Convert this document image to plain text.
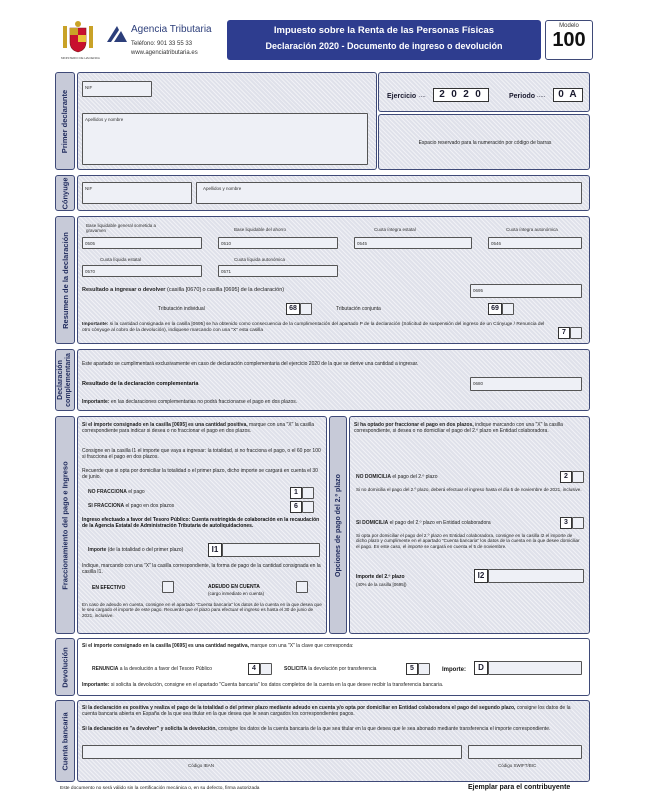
MINISTERIO DE HACIENDA
Agencia Tributaria
Teléfono: 901 33 55 33
www.agenciatributaria.es
Impuesto sobre la Renta de las Personas Físicas
Declaración 2020 - Documento de ingreso o devolución
Modelo
100
Primer declarante
NIF
Apellidos y nombre
Ejercicio ....	2 0 2 0	Periodo .....	0 A
Espacio reservado para la numeración por código de barras
Cónyuge	NIF	Apellidos y nombre
Resumen de la declaración
Base liquidable general sometida a gravamen
0505
Base liquidable del ahorro
0510
Cuota íntegra estatal
0545
Cuota íntegra autonómica
0546
Cuota líquida estatal
0570
Cuota líquida autonómica
0571
Resultado a ingresar o devolver (casilla [0670] o casilla [0695] de la declaración)	0695
Tributación individual	68	Tributación conjunta	69
Importante: si la cantidad consignada en la casilla [0695] se ha obtenido como consecuencia de la cumplimentación del apartado P de la declaración (Solicitud de suspensión del ingreso de un Cónyuge / Renuncia del otro cónyuge al cobro de la devolución), indiquese marcando con una "X" esta casilla	7
Declaración complementaria Este apartado se cumplimentará exclusivamente en caso de declaración complementaria del ejercicio 2020 de la que se derive una cantidad a ingresar.
Resultado de la declaración complementaria	0680
Importante: en las declaraciones complementarias no podrá fraccionarse el pago en dos plazos.
Fraccionamiento del pago e Ingreso
Si el importe consignado en la casilla [0695] es una cantidad positiva, marque con una "X" la casilla correspondiente para indicar si desea o no fraccionar el pago en dos plazos.
Consigne en la casilla I1 el importe que vaya a ingresar: la totalidad, si no fracciona el pago, o el 60 por 100 si fracciona el pago en dos plazos.
Recuerde que si opta por domiciliar la totalidad o el primer plazo, dicho importe se cargará en cuenta el 30 de junio.
NO FRACCIONA el pago	1
SI FRACCIONA el pago en dos plazos	6
Ingreso efectuado a favor del Tesoro Público: Cuenta restringida de colaboración en la recaudación de la Agencia Estatal de Administración Tributaria de autoliquidaciones.
Importe (de la totalidad o del primer plazo)	I1
Indique, marcando con una "X" la casilla correspondiente, la forma de pago de la cantidad consignada en la casilla I1.
EN EFECTIVO	ADEUDO EN CUENTA
(cargo inmediato en cuenta)
En caso de adeudo en cuenta, consigne en el apartado "Cuenta bancaria" los datos de la cuenta en la que desea que le sea cargado el importe de este pago. Recuerde que el plazo para efectuar el ingreso es hasta el 30 de junio de 2021, inclusive.
Opciones de pago del 2.º plazo
Si ha optado por fraccionar el pago en dos plazos, indique marcando con una "X" la casilla correspondiente, si desea o no domiciliar el pago del 2.º plazo en Entidad colaboradora.
NO DOMICILIA el pago del 2.º plazo	2
Si no domicilia el pago del 2.º plazo, deberá efectuar el ingreso hasta el día 5 de noviembre de 2021, inclusive.
SI DOMICILIA el pago del 2.º plazo en Entidad colaboradora	3
Si opta por domiciliar el pago del 2.º plazo en Entidad colaboradora, consigne en la casilla I2 el importe de dicho plazo y cumplimente en el apartado "Cuenta bancaria" los datos de la cuenta en la que desee domiciliar el pago. En este caso, el importe se cargará en cuenta el 5 de noviembre.
Importe del 2.º plazo
(40% de la casilla [0695])
I2
Devolución
Si el importe consignado en la casilla [0695] es una cantidad negativa, marque con una "X" la clave que corresponda:
RENUNCIA a la devolución a favor del Tesoro Público	4	SOLICITA la devolución por transferencia	5	Importe:	D
Importante: si solicita la devolución, consigne en el apartado "Cuenta bancaria" los datos completos de la cuenta en la que desee recibir la transferencia bancaria.
Cuenta bancaria
Si la declaración es positiva y realiza el pago de la totalidad o del primer plazo mediante adeudo en cuenta y/o opta por domiciliar en Entidad colaboradora el pago del segundo plazo, consigne los datos de la cuenta bancaria abierta en España de la que sea titular en la que desea que le sean cargados los correspondientes pagos.
Si la declaración es "a devolver" y solicita la devolución, consigne los datos de la cuenta bancaria de la que sea titular en la que desea que le sea abonado mediante transferencia el importe correspondiente.
Código IBAN	Código SWIFT/BIC
Este documento no será válido sin la certificación mecánica o, en su defecto, firma autorizada	Ejemplar para el contribuyente
